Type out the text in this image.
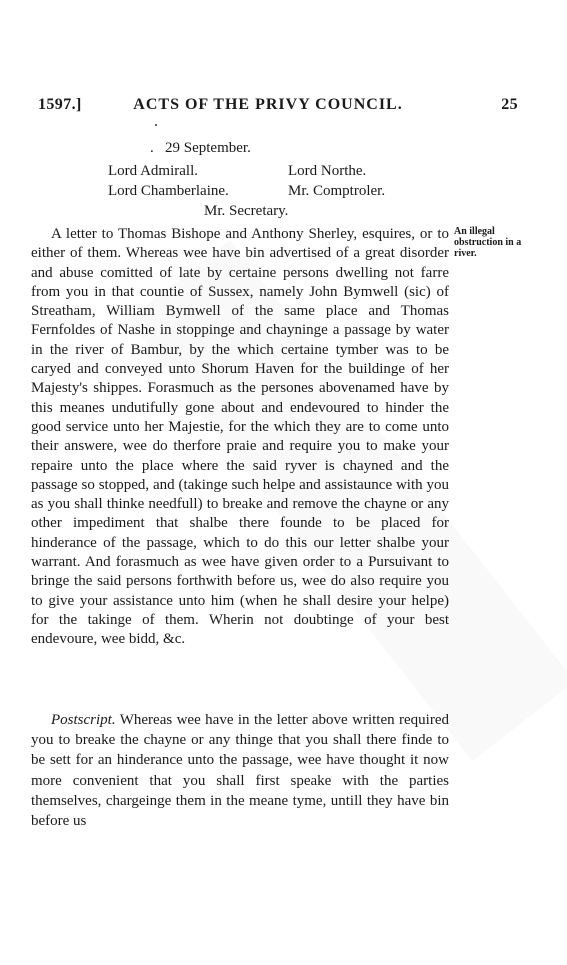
1597.]	ACTS OF THE PRIVY COUNCIL.	25
. 29 September.
Lord Admirall.	Lord Northe.
Lord Chamberlaine.	Mr. Comptroler.
Mr. Secretary.
An illegal obstruction in a river.

A letter to Thomas Bishope and Anthony Sherley, esquires, or to either of them. Whereas wee have bin advertised of a great disorder and abuse comitted of late by certaine persons dwelling not farre from you in that countie of Sussex, namely John Bymwell (sic) of Streatham, William Bymwell of the same place and Thomas Fernfoldes of Nashe in stoppinge and chayninge a passage by water in the river of Bambur, by the which certaine tymber was to be caryed and conveyed unto Shorum Haven for the buildinge of her Majesty's shippes. Forasmuch as the persones abovenamed have by this meanes undutifully gone about and endevoured to hinder the good service unto her Majestie, for the which they are to come unto their answere, wee do therfore praie and require you to make your repaire unto the place where the said ryver is chayned and the passage so stopped, and (takinge such helpe and assistaunce with you as you shall thinke needfull) to breake and remove the chayne or any other impediment that shalbe there founde to be placed for hinderance of the passage, which to do this our letter shalbe your warrant. And forasmuch as wee have given order to a Pursuivant to bringe the said persons forthwith before us, wee do also require you to give your assistance unto him (when he shall desire your helpe) for the takinge of them. Wherin not doubtinge of your best endevoure, wee bidd, &c.

Postscript. Whereas wee have in the letter above written required you to breake the chayne or any thinge that you shall there finde to be sett for an hinderance unto the passage, wee have thought it now more convenient that you shall first speake with the parties themselves, chargeinge them in the meane tyme, untill they have bin before us
